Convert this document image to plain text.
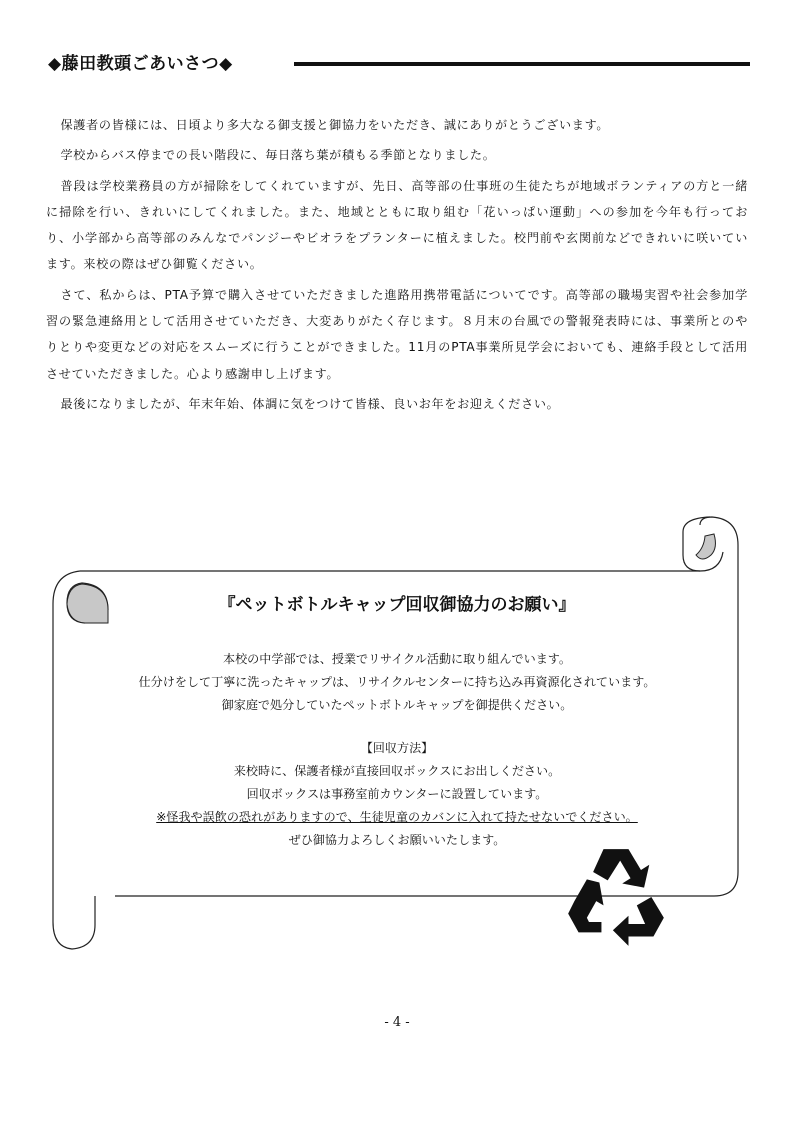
◆藤田教頭ごあいさつ◆

保護者の皆様には、日頃より多大なる御支援と御協力をいただき、誠にありがとうございます。

学校からバス停までの長い階段に、毎日落ち葉が積もる季節となりました。

普段は学校業務員の方が掃除をしてくれていますが、先日、高等部の仕事班の生徒たちが地域ボランティアの方と一緒に掃除を行い、きれいにしてくれました。また、地域とともに取り組む「花いっぱい運動」への参加を今年も行っており、小学部から高等部のみんなでパンジーやビオラをプランターに植えました。校門前や玄関前などできれいに咲いています。来校の際はぜひ御覧ください。

さて、私からは、PTA予算で購入させていただきました進路用携帯電話についてです。高等部の職場実習や社会参加学習の緊急連絡用として活用させていただき、大変ありがたく存じます。８月末の台風での警報発表時には、事業所とのやりとりや変更などの対応をスムーズに行うことができました。11月のPTA事業所見学会においても、連絡手段として活用させていただきました。心より感謝申し上げます。

最後になりましたが、年末年始、体調に気をつけて皆様、良いお年をお迎えください。

『ペットボトルキャップ回収御協力のお願い』
本校の中学部では、授業でリサイクル活動に取り組んでいます。
仕分けをして丁寧に洗ったキャップは、リサイクルセンターに持ち込み再資源化されています。
御家庭で処分していたペットボトルキャップを御提供ください。
【回収方法】
来校時に、保護者様が直接回収ボックスにお出しください。
回収ボックスは事務室前カウンターに設置しています。
※怪我や誤飲の恐れがありますので、生徒児童のカバンに入れて持たせないでください。
ぜひ御協力よろしくお願いいたします。
- 4 -
